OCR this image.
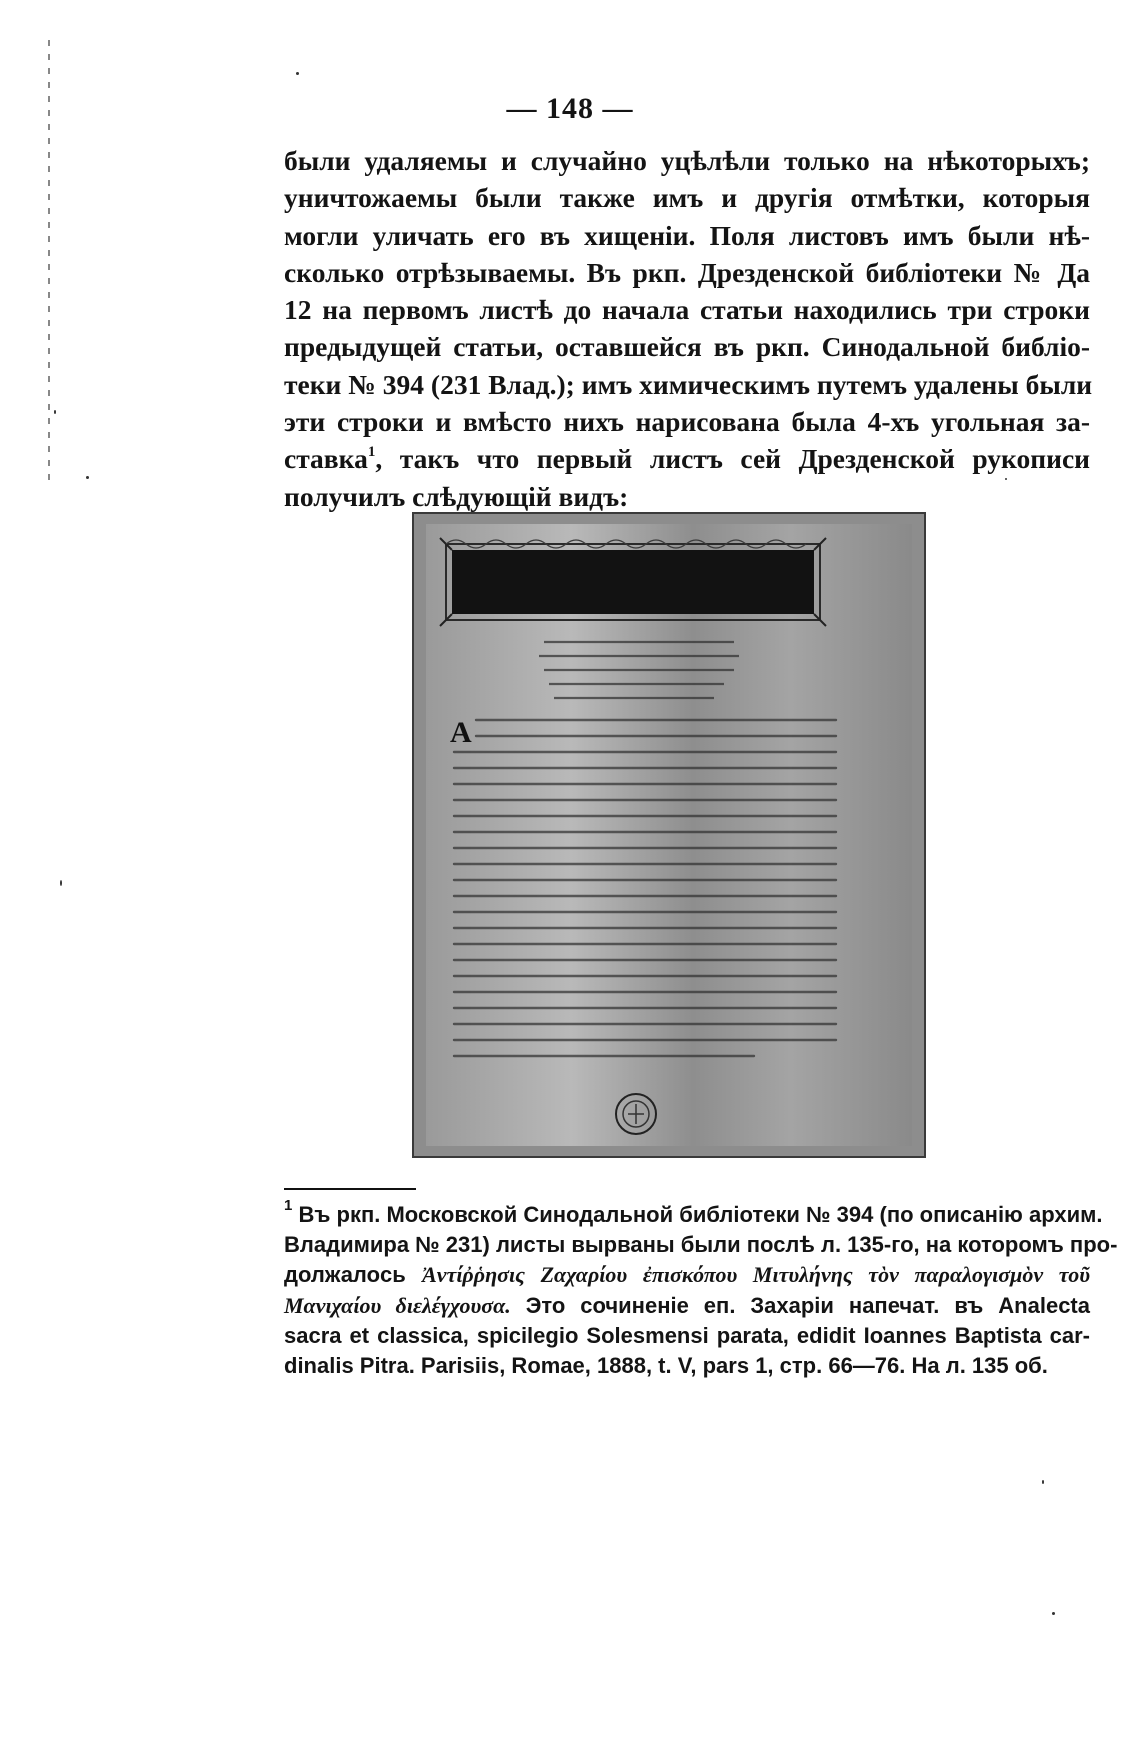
— 148 —
были удаляемы и случайно уцѣлѣли только на нѣкоторыхъ;
уничтожаемы были также имъ и другія отмѣтки, которыя
могли уличать его въ хищеніи. Поля листовъ имъ были нѣ-
сколько отрѣзываемы. Въ ркп. Дрезденской библіотеки № Да
12 на первомъ листѣ до начала статьи находились три строки
предыдущей статьи, оставшейся въ ркп. Синодальной библіо-
теки № 394 (231 Влад.); имъ химическимъ путемъ удалены были
эти строки и вмѣсто нихъ нарисована была 4-хъ угольная за-
ставка$^1$, такъ что первый листъ сей Дрезденской рукописи
получилъ слѣдующій видъ:
A
$^1$ Въ ркп. Московской Синодальной библіотеки № 394 (по описанію архим.
Владимира № 231) листы вырваны были послѣ л. 135-го, на которомъ про-
должалоcь Ἀντίῤῥησις Ζαχαρίου ἐπισκόπου Μιτυλήνης τὸν παραλογισμὸν τοῦ
Μανιχαίου διελέγχουσα. Это сочиненіе еп. Захаріи напечат. въ Analecta
sacra et classica, spicilegio Solesmensi parata, edidit Ioannes Baptista car-
dinalis Pitra. Parisiis, Romae, 1888, t. V, pars 1, стр. 66—76. На л. 135 об.
